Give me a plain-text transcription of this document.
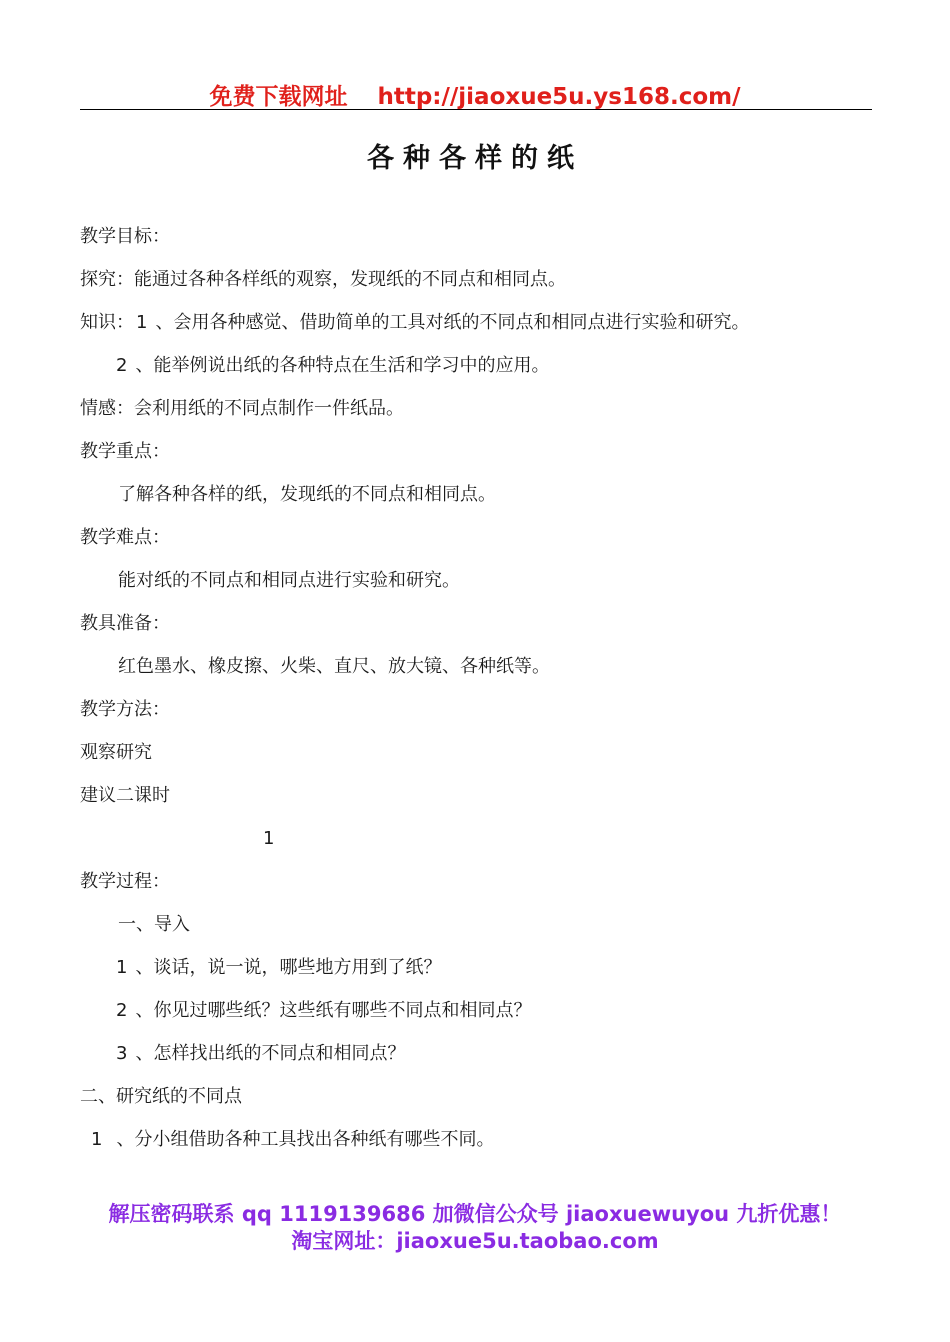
免费下载网址 http://jiaoxue5u.ys168.com/
各种各样的纸
教学目标：
探究：能通过各种各样纸的观察，发现纸的不同点和相同点。
知识： 1 、会用各种感觉、借助简单的工具对纸的不同点和相同点进行实验和研究。
2 、能举例说出纸的各种特点在生活和学习中的应用。
情感：会利用纸的不同点制作一件纸品。
教学重点：
了解各种各样的纸，发现纸的不同点和相同点。
教学难点：
能对纸的不同点和相同点进行实验和研究。
教具准备：
红色墨水、橡皮擦、火柴、直尺、放大镜、各种纸等。
教学方法：
观察研究
建议二课时
1
教学过程：
一、导入
1 、谈话，说一说，哪些地方用到了纸？
2 、你见过哪些纸？这些纸有哪些不同点和相同点？
3 、怎样找出纸的不同点和相同点？
二、研究纸的不同点
1 、分小组借助各种工具找出各种纸有哪些不同。
解压密码联系 qq 1119139686 加微信公众号 jiaoxuewuyou 九折优惠！
淘宝网址：jiaoxue5u.taobao.com
